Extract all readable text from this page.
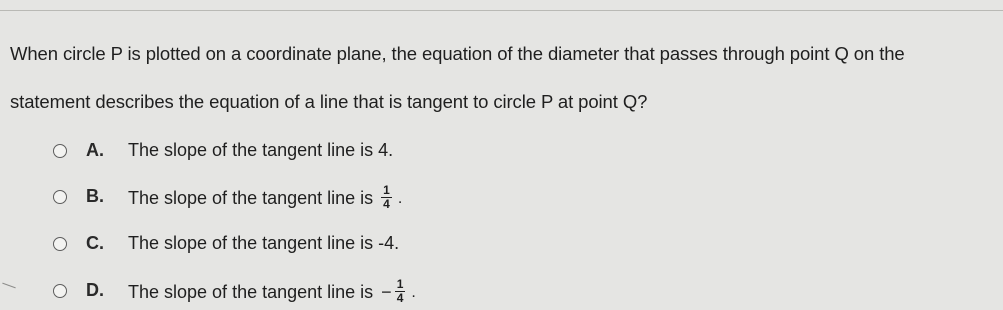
When circle P is plotted on a coordinate plane, the equation of the diameter that passes through point Q on the
statement describes the equation of a line that is tangent to circle P at point Q?
A. The slope of the tangent line is 4.
B. The slope of the tangent line is $\frac{1}{4}$ .
C. The slope of the tangent line is -4.
D. The slope of the tangent line is − $\frac{1}{4}$ .
